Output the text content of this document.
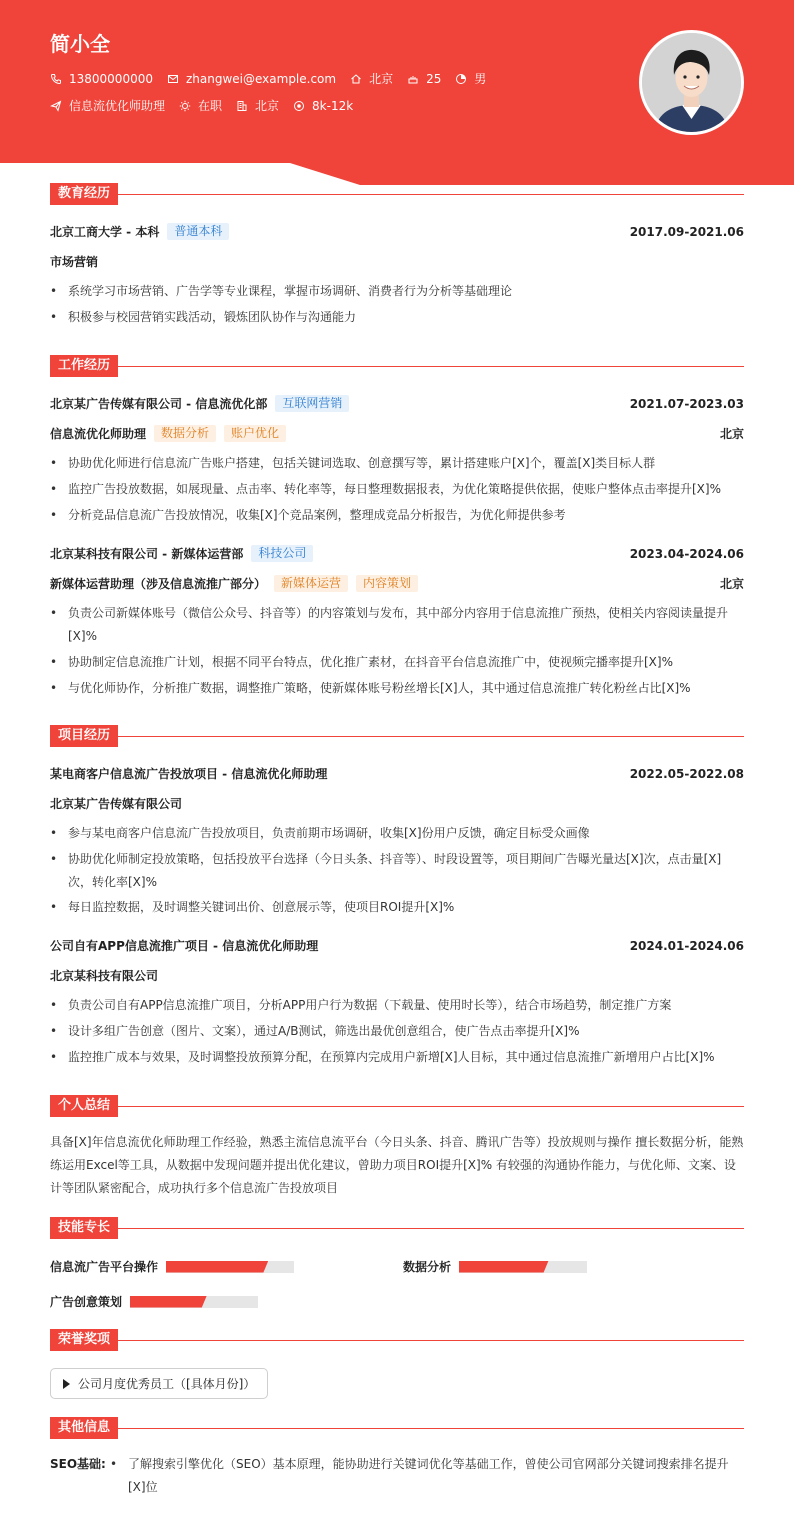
简小全
13800000000	zhangwei@example.com	北京	25	男
信息流优化师助理	在职	北京	8k-12k
教育经历
北京工商大学 - 本科	普通本科	2017.09-2021.06
市场营销
• 系统学习市场营销、广告学等专业课程，掌握市场调研、消费者行为分析等基础理论
• 积极参与校园营销实践活动，锻炼团队协作与沟通能力
工作经历
北京某广告传媒有限公司 - 信息流优化部	互联网营销	2021.07-2023.03
信息流优化师助理	数据分析	账户优化	北京
• 协助优化师进行信息流广告账户搭建，包括关键词选取、创意撰写等，累计搭建账户[X]个，覆盖[X]类目标人群
• 监控广告投放数据，如展现量、点击率、转化率等，每日整理数据报表，为优化策略提供依据，使账户整体点击率提升[X]%
• 分析竞品信息流广告投放情况，收集[X]个竞品案例，整理成竞品分析报告，为优化师提供参考
北京某科技有限公司 - 新媒体运营部	科技公司	2023.04-2024.06
新媒体运营助理（涉及信息流推广部分）	新媒体运营	内容策划	北京
• 负责公司新媒体账号（微信公众号、抖音等）的内容策划与发布，其中部分内容用于信息流推广预热，使相关内容阅读量提升[X]%
• 协助制定信息流推广计划，根据不同平台特点，优化推广素材，在抖音平台信息流推广中，使视频完播率提升[X]%
• 与优化师协作，分析推广数据，调整推广策略，使新媒体账号粉丝增长[X]人，其中通过信息流推广转化粉丝占比[X]%
项目经历
某电商客户信息流广告投放项目 - 信息流优化师助理	2022.05-2022.08
北京某广告传媒有限公司
• 参与某电商客户信息流广告投放项目，负责前期市场调研，收集[X]份用户反馈，确定目标受众画像
• 协助优化师制定投放策略，包括投放平台选择（今日头条、抖音等）、时段设置等，项目期间广告曝光量达[X]次，点击量[X]次，转化率[X]%
• 每日监控数据，及时调整关键词出价、创意展示等，使项目ROI提升[X]%
公司自有APP信息流推广项目 - 信息流优化师助理	2024.01-2024.06
北京某科技有限公司
• 负责公司自有APP信息流推广项目，分析APP用户行为数据（下载量、使用时长等），结合市场趋势，制定推广方案
• 设计多组广告创意（图片、文案），通过A/B测试，筛选出最优创意组合，使广告点击率提升[X]%
• 监控推广成本与效果，及时调整投放预算分配，在预算内完成用户新增[X]人目标，其中通过信息流推广新增用户占比[X]%
个人总结
具备[X]年信息流优化师助理工作经验，熟悉主流信息流平台（今日头条、抖音、腾讯广告等）投放规则与操作 擅长数据分析，能熟练运用Excel等工具，从数据中发现问题并提出优化建议，曾助力项目ROI提升[X]% 有较强的沟通协作能力，与优化师、文案、设计等团队紧密配合，成功执行多个信息流广告投放项目
技能专长
信息流广告平台操作	数据分析
广告创意策划
荣誉奖项
公司月度优秀员工（[具体月份]）
其他信息
SEO基础:
•	了解搜索引擎优化（SEO）基本原理，能协助进行关键词优化等基础工作，曾使公司官网部分关键词搜索排名提升[X]位
